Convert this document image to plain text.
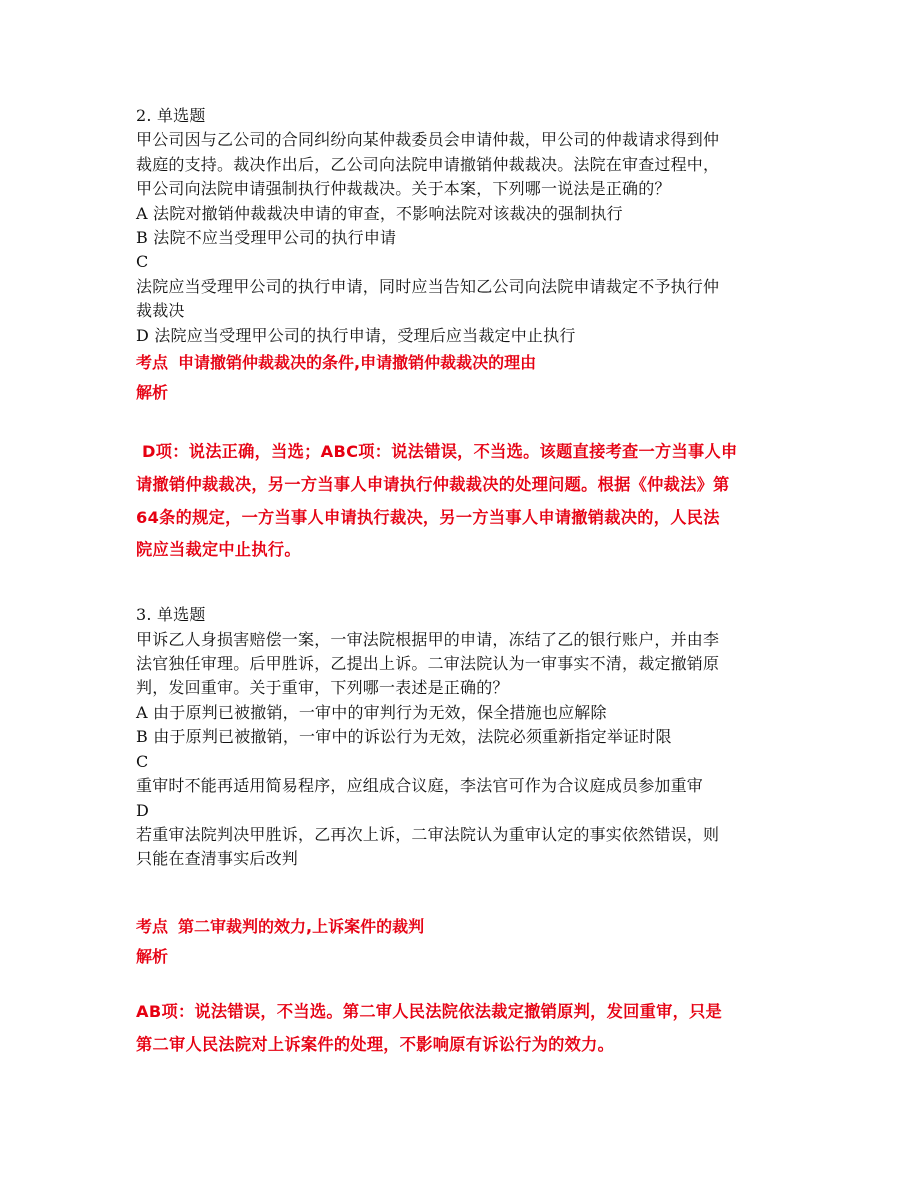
2. 单选题

甲公司因与乙公司的合同纠纷向某仲裁委员会申请仲裁，甲公司的仲裁请求得到仲

裁庭的支持。裁决作出后，乙公司向法院申请撤销仲裁裁决。法院在审查过程中，

甲公司向法院申请强制执行仲裁裁决。关于本案，下列哪一说法是正确的？

A 法院对撤销仲裁裁决申请的审查，不影响法院对该裁决的强制执行

B 法院不应当受理甲公司的执行申请

C

法院应当受理甲公司的执行申请，同时应当告知乙公司向法院申请裁定不予执行仲

裁裁决

D 法院应当受理甲公司的执行申请，受理后应当裁定中止执行

考点 申请撤销仲裁裁决的条件,申请撤销仲裁裁决的理由

解析

D项：说法正确，当选；ABC项：说法错误，不当选。该题直接考查一方当事人申

请撤销仲裁裁决，另一方当事人申请执行仲裁裁决的处理问题。根据《仲裁法》第

64条的规定，一方当事人申请执行裁决，另一方当事人申请撤销裁决的，人民法

院应当裁定中止执行。

3. 单选题

甲诉乙人身损害赔偿一案，一审法院根据甲的申请，冻结了乙的银行账户，并由李

法官独任审理。后甲胜诉，乙提出上诉。二审法院认为一审事实不清，裁定撤销原

判，发回重审。关于重审，下列哪一表述是正确的？

A 由于原判已被撤销，一审中的审判行为无效，保全措施也应解除

B 由于原判已被撤销，一审中的诉讼行为无效，法院必须重新指定举证时限

C

重审时不能再适用简易程序，应组成合议庭，李法官可作为合议庭成员参加重审

D

若重审法院判决甲胜诉，乙再次上诉，二审法院认为重审认定的事实依然错误，则

只能在查清事实后改判

考点 第二审裁判的效力,上诉案件的裁判

解析

AB项：说法错误，不当选。第二审人民法院依法裁定撤销原判，发回重审，只是

第二审人民法院对上诉案件的处理，不影响原有诉讼行为的效力。
